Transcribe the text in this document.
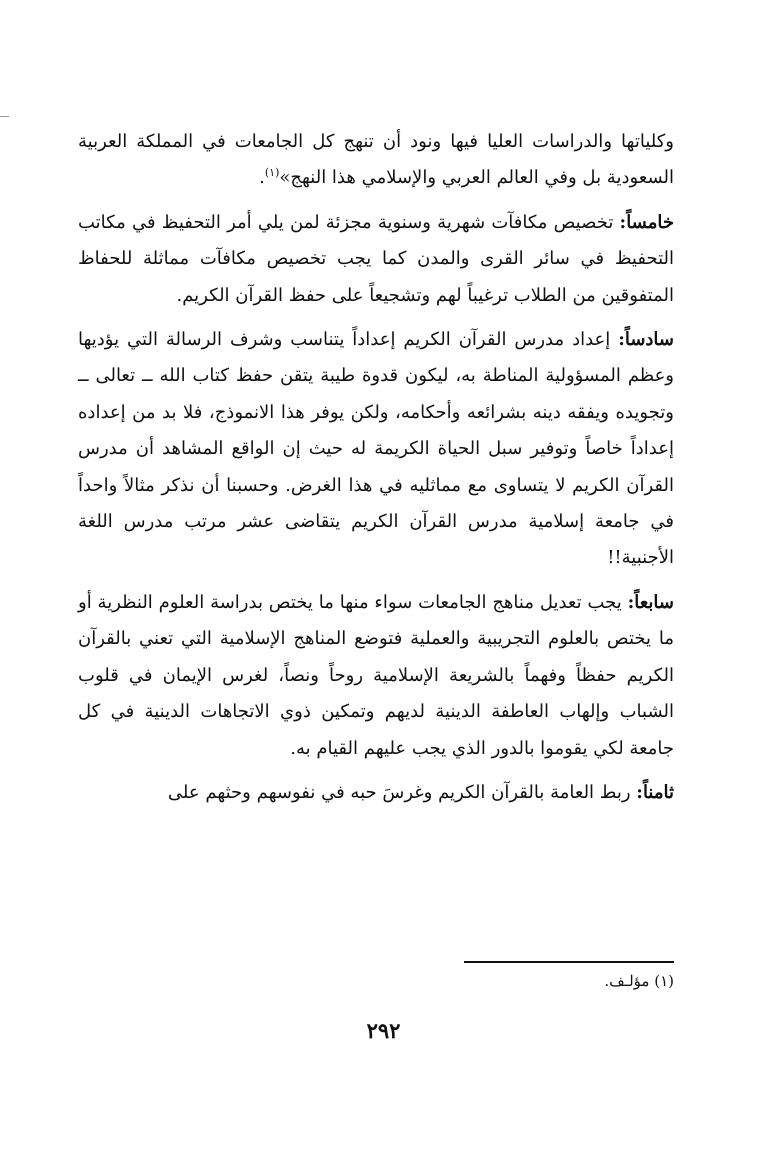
وكلياتها والدراسات العليا فيها ونود أن تنهج كل الجامعات في المملكة العربية السعودية بل وفي العالم العربي والإسلامي هذا النهج»$^{(١)}$.

خامساً: تخصيص مكافآت شهرية وسنوية مجزئة لمن يلي أمر التحفيظ في مكاتب التحفيظ في سائر القرى والمدن كما يجب تخصيص مكافآت مماثلة للحفاظ المتفوقين من الطلاب ترغيباً لهم وتشجيعاً على حفظ القرآن الكريم.

سادساً: إعداد مدرس القرآن الكريم إعداداً يتناسب وشرف الرسالة التي يؤديها وعظم المسؤولية المناطة به، ليكون قدوة طيبة يتقن حفظ كتاب الله ــ تعالى ــ وتجويده ويفقه دينه بشرائعه وأحكامه، ولكن يوفر هذا الانموذج، فلا بد من إعداده إعداداً خاصاً وتوفير سبل الحياة الكريمة له حيث إن الواقع المشاهد أن مدرس القرآن الكريم لا يتساوى مع مماثليه في هذا الغرض. وحسبنا أن نذكر مثالاً واحداً في جامعة إسلامية مدرس القرآن الكريم يتقاضى عشر مرتب مدرس اللغة الأجنبية!!

سابعاً: يجب تعديل مناهج الجامعات سواء منها ما يختص بدراسة العلوم النظرية أو ما يختص بالعلوم التجريبية والعملية فتوضع المناهج الإسلامية التي تعني بالقرآن الكريم حفظاً وفهماً بالشريعة الإسلامية روحاً ونصاً، لغرس الإيمان في قلوب الشباب وإلهاب العاطفة الدينية لديهم وتمكين ذوي الاتجاهات الدينية في كل جامعة لكي يقوموا بالدور الذي يجب عليهم القيام به.

ثامناً: ربط العامة بالقرآن الكريم وغرسَ حبه في نفوسهم وحثهم على

(١) مؤلـف.
٢٩٢
